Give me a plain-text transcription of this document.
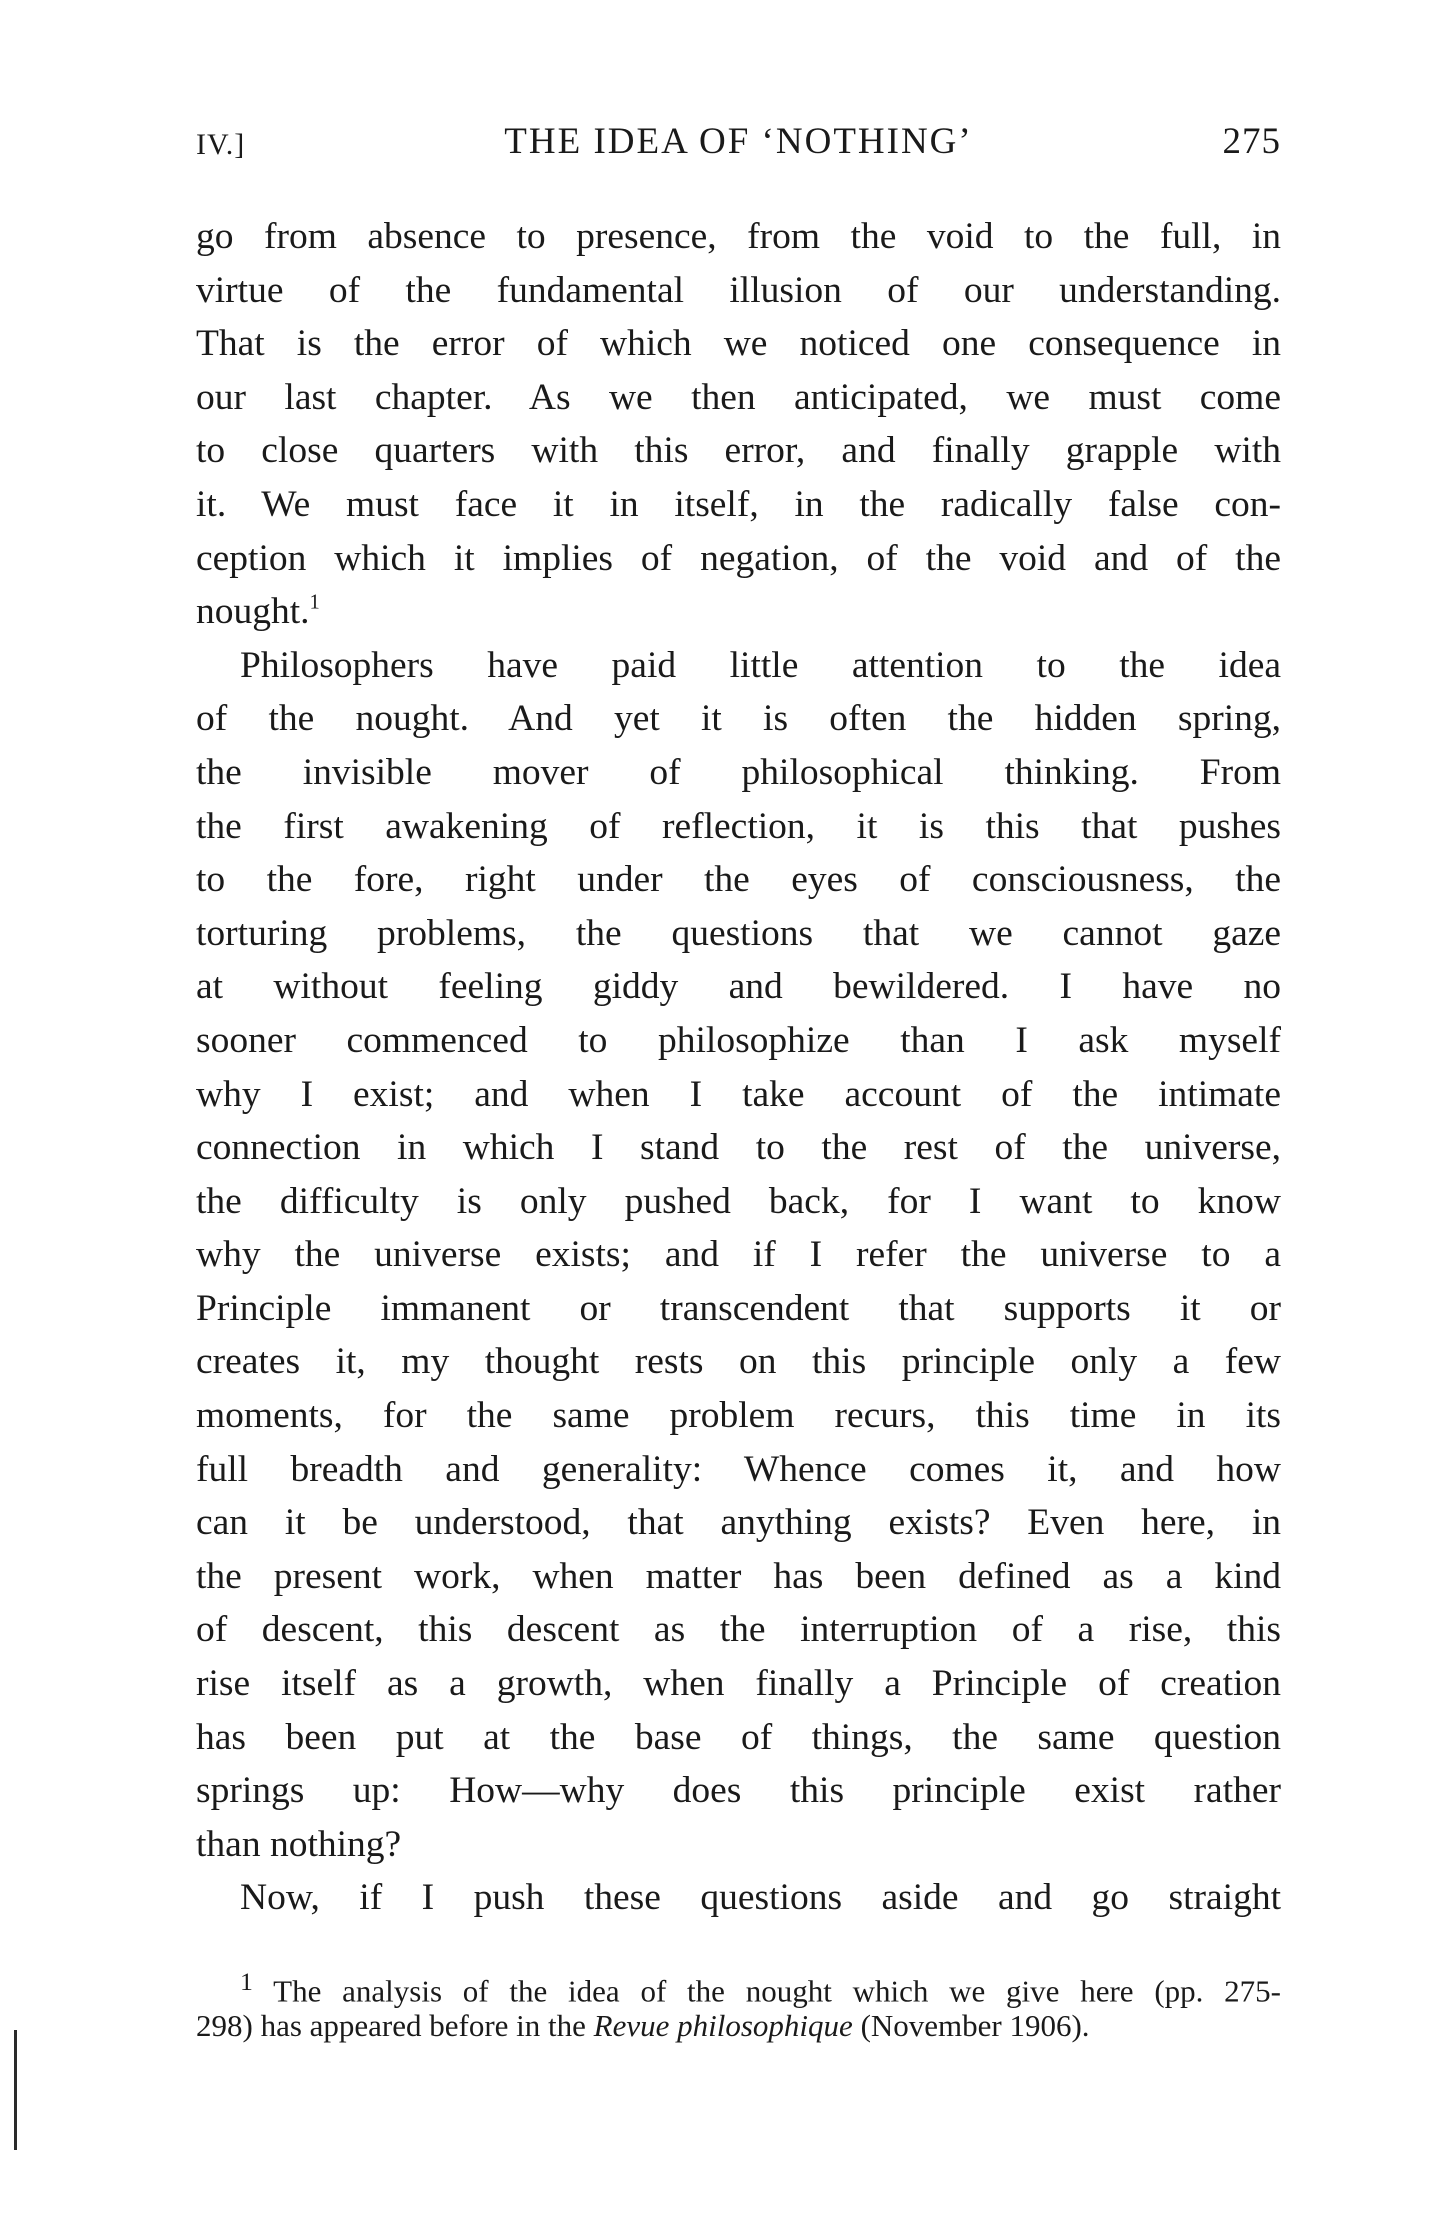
IV.]	THE IDEA OF ‘NOTHING’	275
go from absence to presence, from the void to the full, in
virtue of the fundamental illusion of our understanding.
That is the error of which we noticed one consequence in
our last chapter. As we then anticipated, we must come
to close quarters with this error, and finally grapple with
it. We must face it in itself, in the radically false con-
ception which it implies of negation, of the void and of the
nought.$^1$
Philosophers have paid little attention to the idea
of the nought. And yet it is often the hidden spring,
the invisible mover of philosophical thinking. From
the first awakening of reflection, it is this that pushes
to the fore, right under the eyes of consciousness, the
torturing problems, the questions that we cannot gaze
at without feeling giddy and bewildered. I have no
sooner commenced to philosophize than I ask myself
why I exist; and when I take account of the intimate
connection in which I stand to the rest of the universe,
the difficulty is only pushed back, for I want to know
why the universe exists; and if I refer the universe to a
Principle immanent or transcendent that supports it or
creates it, my thought rests on this principle only a few
moments, for the same problem recurs, this time in its
full breadth and generality: Whence comes it, and how
can it be understood, that anything exists? Even here, in
the present work, when matter has been defined as a kind
of descent, this descent as the interruption of a rise, this
rise itself as a growth, when finally a Principle of creation
has been put at the base of things, the same question
springs up: How—why does this principle exist rather
than nothing?
Now, if I push these questions aside and go straight
$^1$ The analysis of the idea of the nought which we give here (pp. 275-
298) has appeared before in the Revue philosophique (November 1906).
